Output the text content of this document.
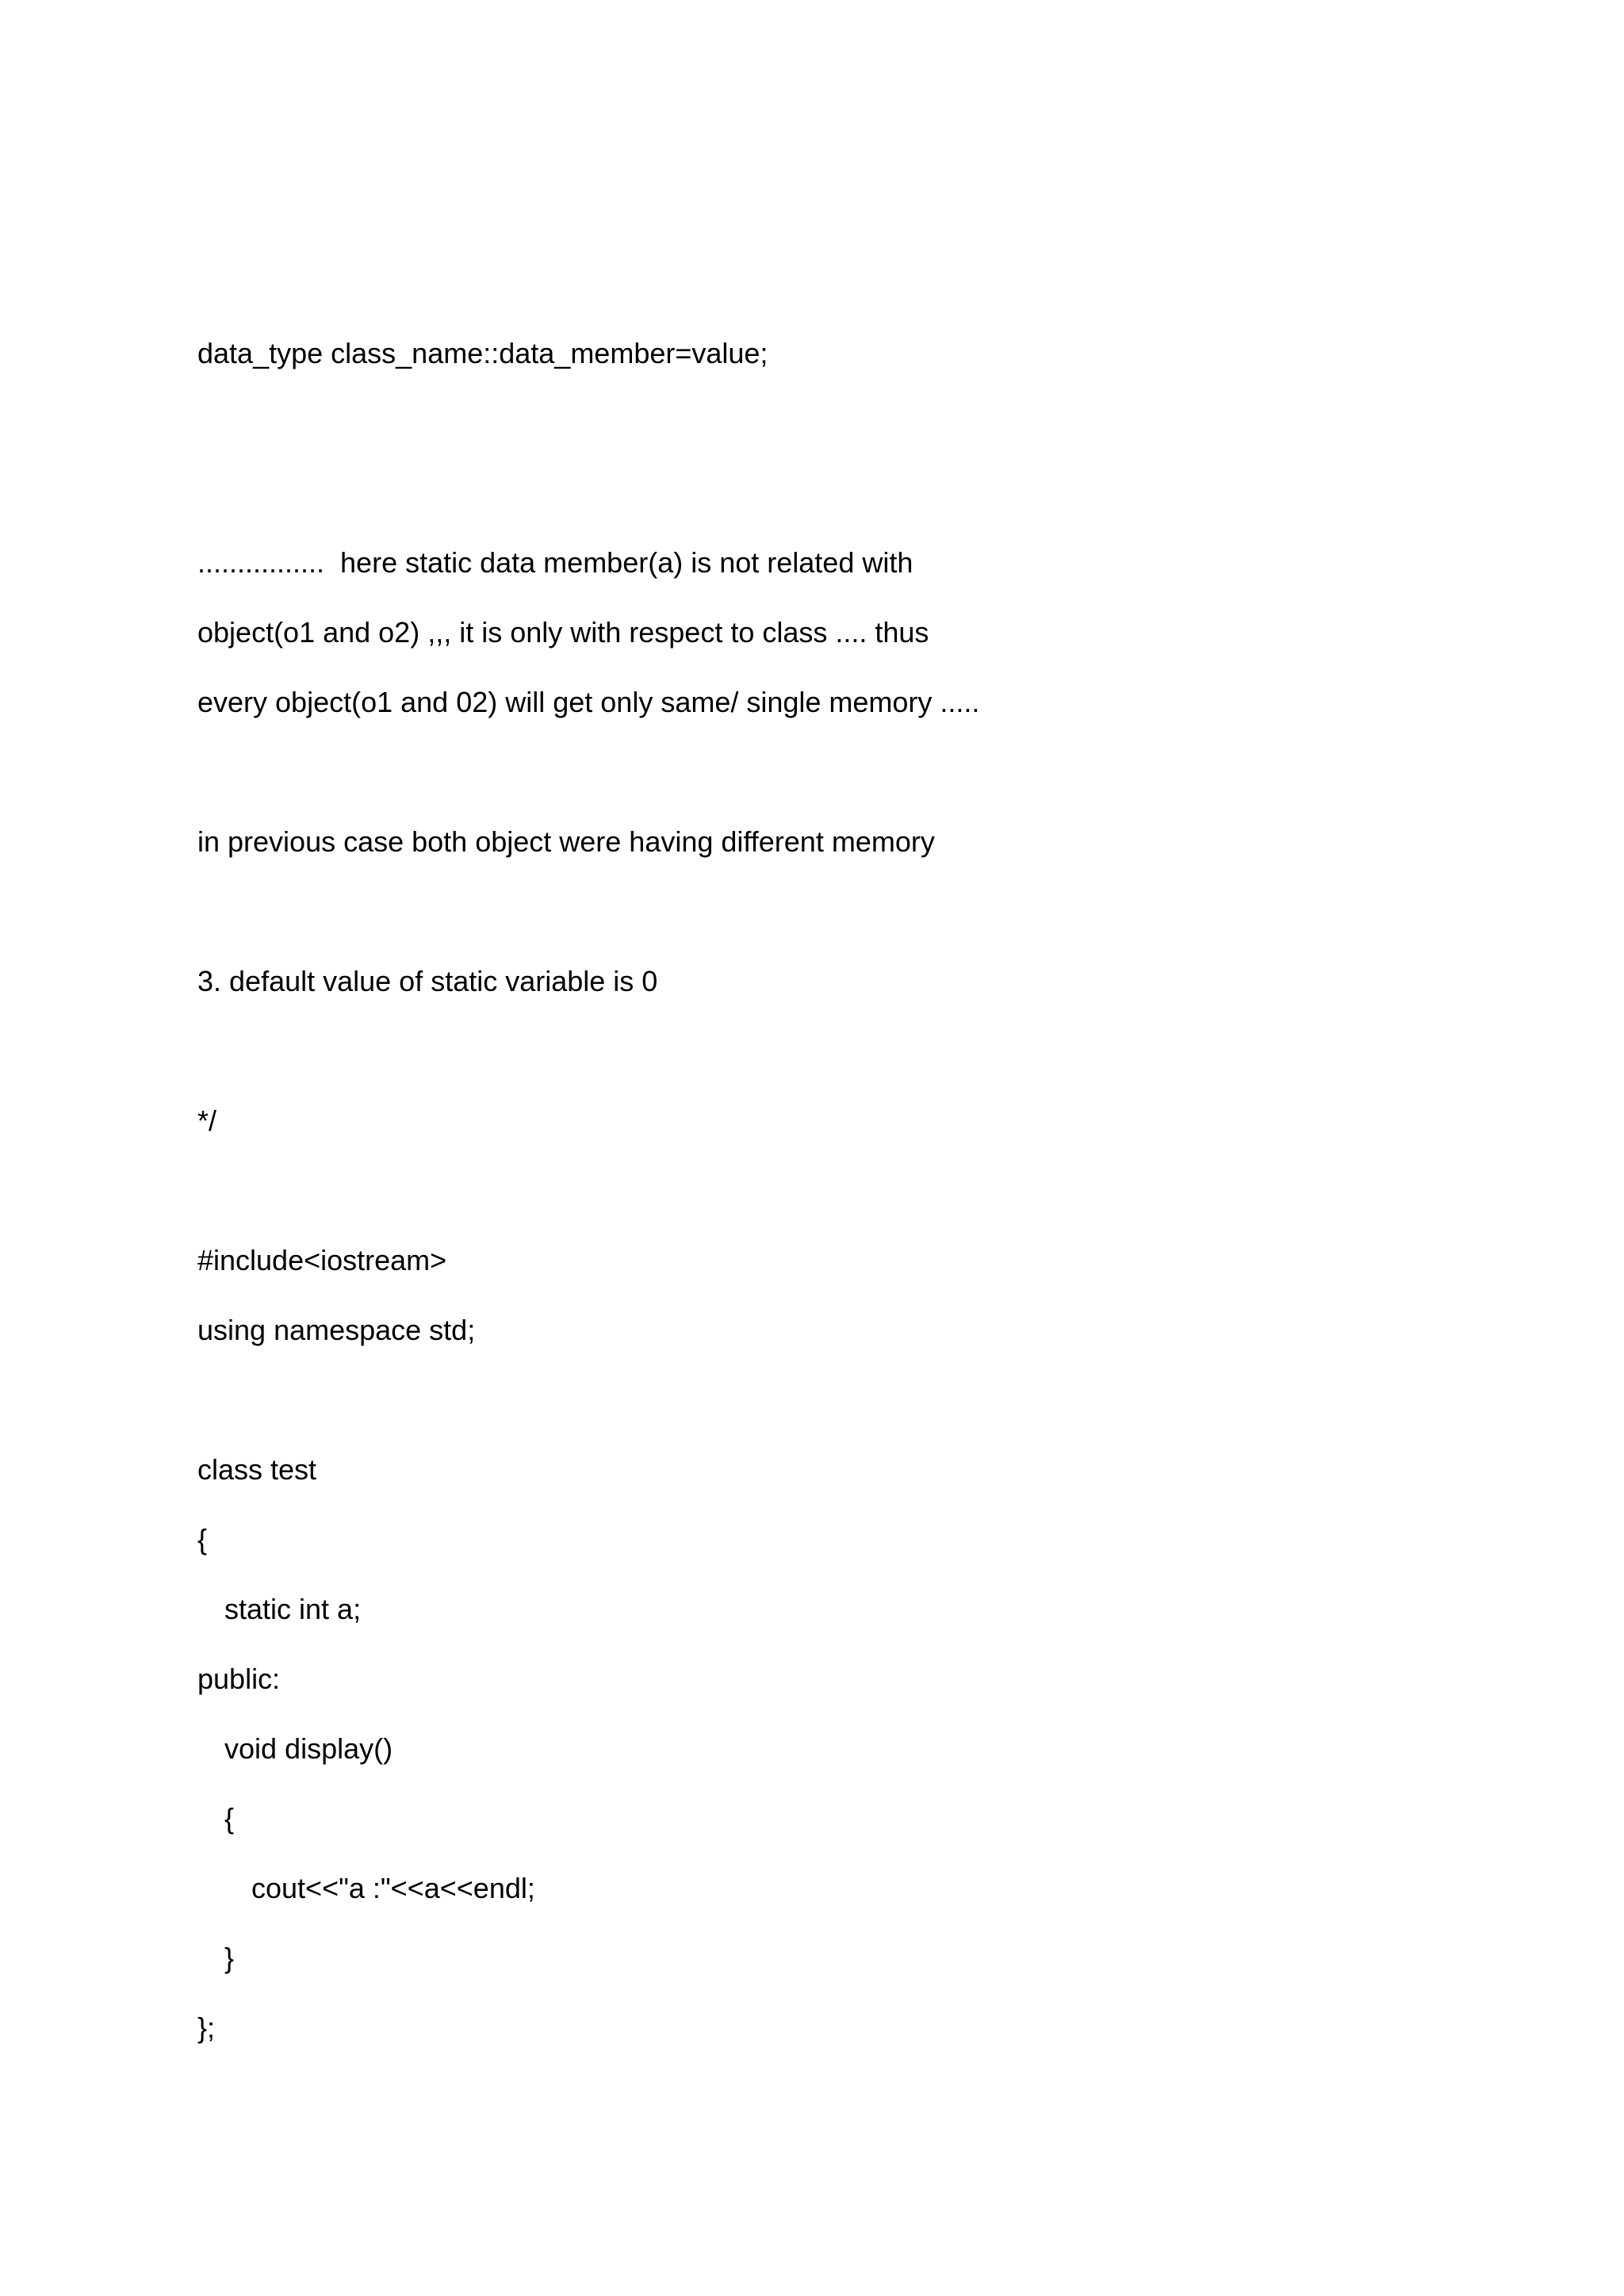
data_type class_name::data_member=value;
................  here static data member(a) is not related with
object(o1 and o2) ,,, it is only with respect to class .... thus
every object(o1 and 02) will get only same/ single memory .....
in previous case both object were having different memory
3. default value of static variable is 0
*/
#include<iostream>
using namespace std;
class test
{
static int a;
public:
void display()
{
cout<<"a :"<<a<<endl;
}
};
